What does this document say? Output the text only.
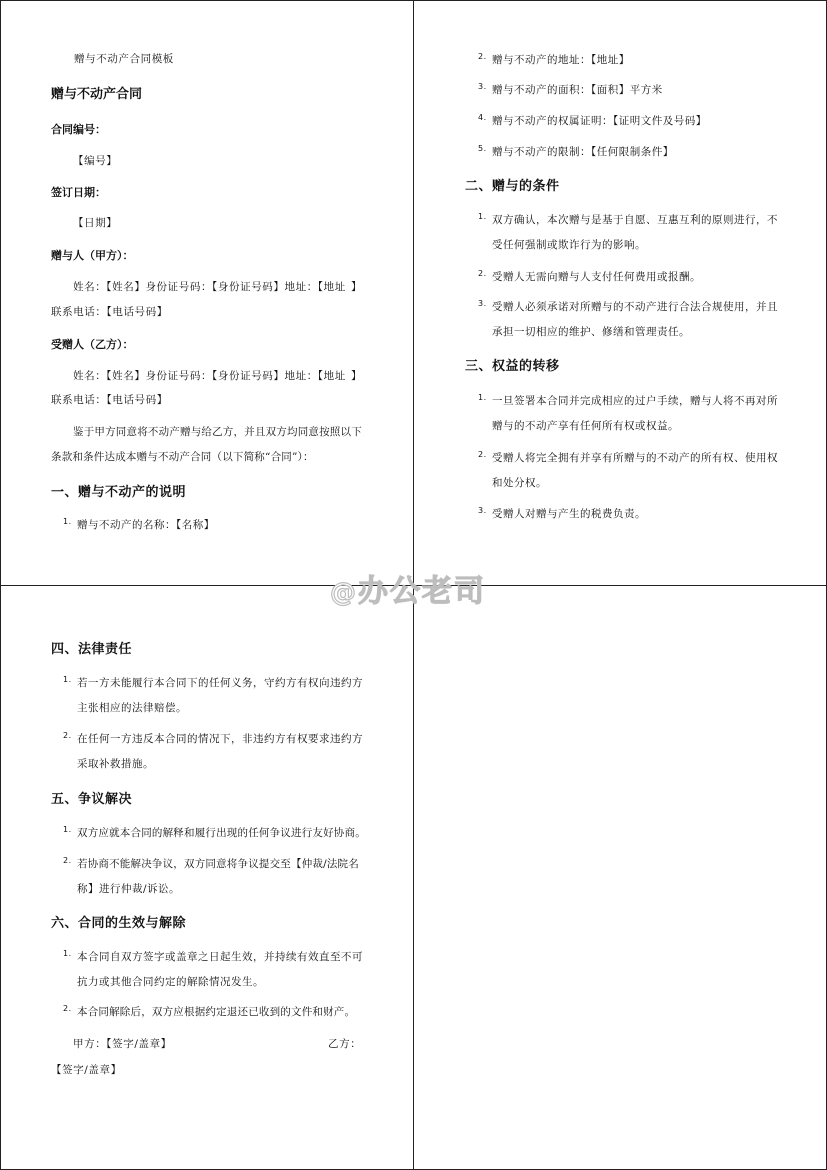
赠与不动产合同模板
赠与不动产合同
合同编号：
【编号】
签订日期：
【日期】
赠与人（甲方）：
姓名：【姓名】身份证号码：【身份证号码】地址：【地址 】
联系电话：【电话号码】
受赠人（乙方）：
姓名：【姓名】身份证号码：【身份证号码】地址：【地址 】
联系电话：【电话号码】
鉴于甲方同意将不动产赠与给乙方，并且双方均同意按照以下
条款和条件达成本赠与不动产合同（以下简称“合同”）：
一、赠与不动产的说明
1. 赠与不动产的名称：【名称】
2. 赠与不动产的地址：【地址】
3. 赠与不动产的面积：【面积】平方米
4. 赠与不动产的权属证明：【证明文件及号码】
5. 赠与不动产的限制：【任何限制条件】
二、赠与的条件
1. 双方确认，本次赠与是基于自愿、互惠互利的原则进行，不
受任何强制或欺诈行为的影响。
2. 受赠人无需向赠与人支付任何费用或报酬。
3. 受赠人必须承诺对所赠与的不动产进行合法合规使用，并且
承担一切相应的维护、修缮和管理责任。
三、权益的转移
1. 一旦签署本合同并完成相应的过户手续，赠与人将不再对所
赠与的不动产享有任何所有权或权益。
2. 受赠人将完全拥有并享有所赠与的不动产的所有权、使用权
和处分权。
3. 受赠人对赠与产生的税费负责。
四、法律责任
1. 若一方未能履行本合同下的任何义务，守约方有权向违约方
主张相应的法律赔偿。
2. 在任何一方违反本合同的情况下，非违约方有权要求违约方
采取补救措施。
五、争议解决
1. 双方应就本合同的解释和履行出现的任何争议进行友好协商。
2. 若协商不能解决争议，双方同意将争议提交至【仲裁/法院名
称】进行仲裁/诉讼。
六、合同的生效与解除
1. 本合同自双方签字或盖章之日起生效，并持续有效直至不可
抗力或其他合同约定的解除情况发生。
2. 本合同解除后，双方应根据约定退还已收到的文件和财产。
甲方：【签字/盖章】	乙方：
【签字/盖章】
@办公老司
